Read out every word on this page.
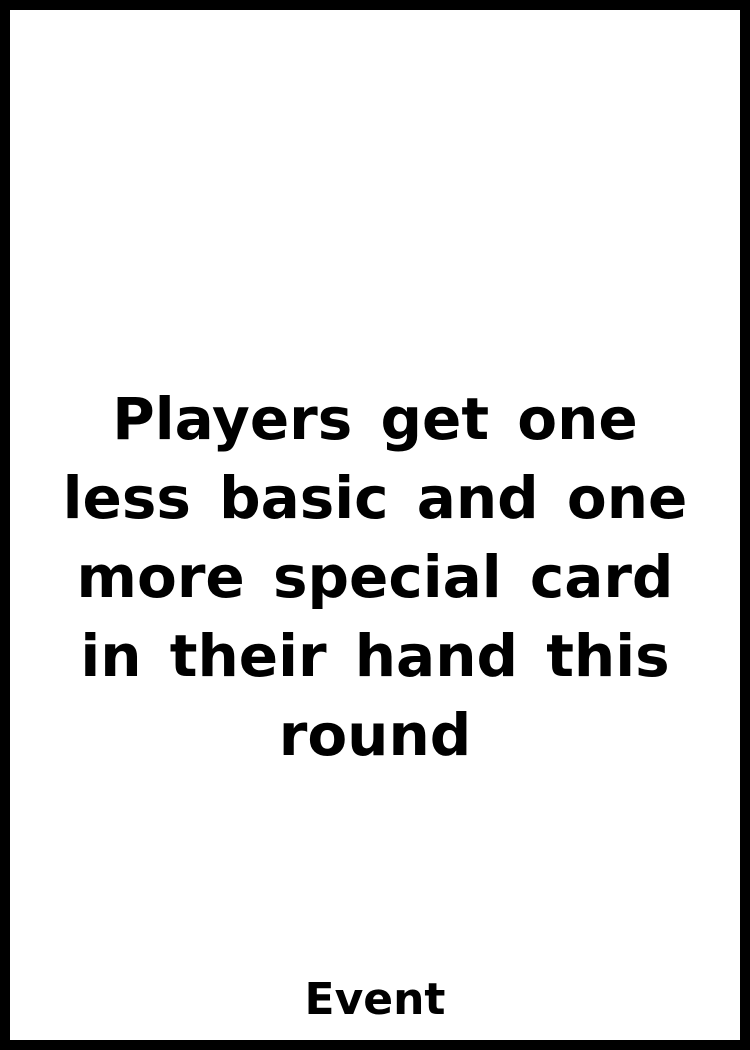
Players get one less basic and one more special card in their hand this round

Event
